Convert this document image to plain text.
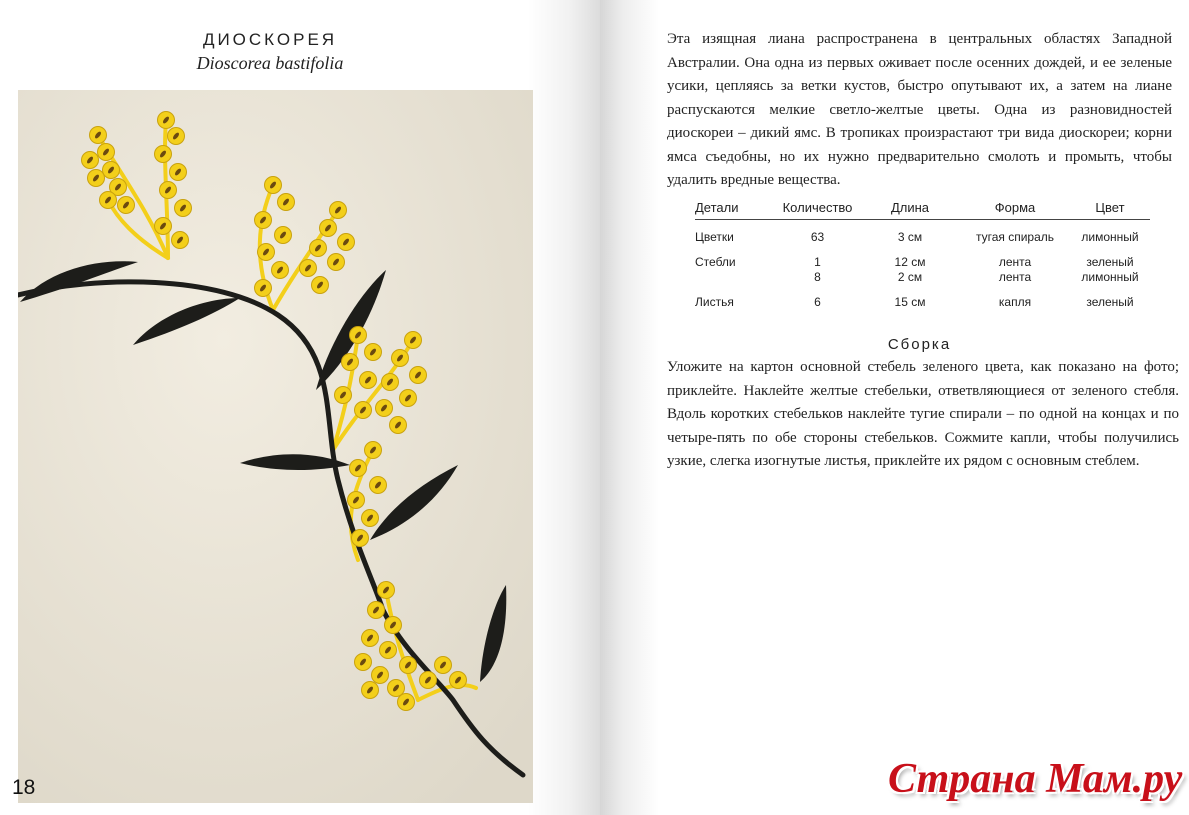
ДИОСКОРЕЯ
Dioscorea bastifolia
18

Эта изящная лиана распространена в центральных областях Западной Австралии. Она одна из первых оживает после осенних дождей, и ее зеленые усики, цепляясь за ветки кустов, быстро опутывают их, а затем на лиане распускаются мелкие светло-желтые цветы. Одна из разновидностей диоскореи – дикий ямс. В тропиках произрастают три вида диоскореи; корни ямса съедобны, но их нужно предварительно смолоть и промыть, чтобы удалить вредные вещества.

Детали	Количество	Длина	Форма	Цвет
Цветки	63	3 см	тугая спираль	лимонный
Стебли	1	12 см	лента	зеленый
	8	2 см	лента	лимонный
Листья	6	15 см	капля	зеленый
Сборка

Уложите на картон основной стебель зеленого цвета, как показано на фото; приклейте. Наклейте желтые стебельки, ответвляющиеся от зеленого стебля. Вдоль коротких стебельков наклейте тугие спирали – по одной на концах и по четыре-пять по обе стороны стебельков. Сожмите капли, чтобы получились узкие, слегка изогнутые листья, приклейте их рядом с основным стеблем.

Страна Мам.ру
